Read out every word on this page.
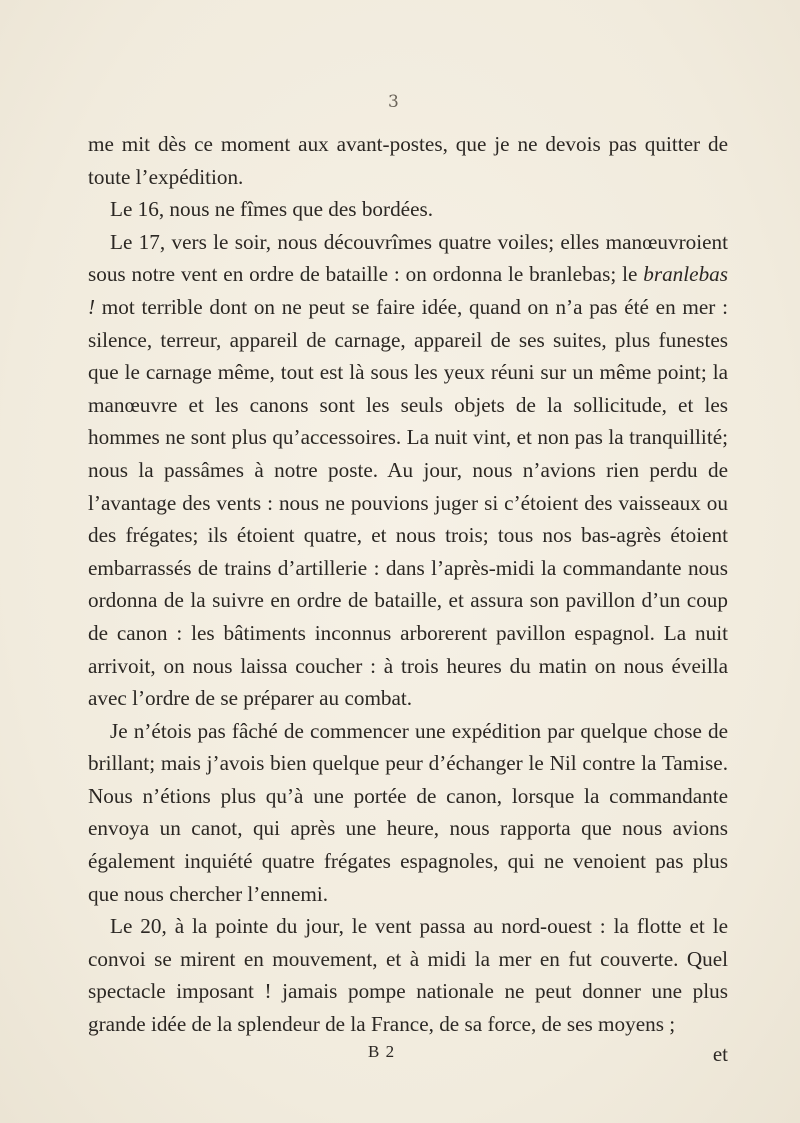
3

me mit dès ce moment aux avant-postes, que je ne devois pas quitter de toute l’expédition.

Le 16, nous ne fîmes que des bordées.

Le 17, vers le soir, nous découvrîmes quatre voiles; elles manœuvroient sous notre vent en ordre de bataille : on ordonna le branlebas; le branlebas ! mot terrible dont on ne peut se faire idée, quand on n’a pas été en mer : silence, terreur, appareil de carnage, appareil de ses suites, plus funestes que le carnage même, tout est là sous les yeux réuni sur un même point; la manœuvre et les canons sont les seuls objets de la sollicitude, et les hommes ne sont plus qu’accessoires. La nuit vint, et non pas la tranquillité; nous la passâmes à notre poste. Au jour, nous n’avions rien perdu de l’avantage des vents : nous ne pouvions juger si c’étoient des vaisseaux ou des frégates; ils étoient quatre, et nous trois; tous nos bas-agrès étoient embarrassés de trains d’artillerie : dans l’après-midi la commandante nous ordonna de la suivre en ordre de bataille, et assura son pavillon d’un coup de canon : les bâtiments inconnus arborerent pavillon espagnol. La nuit arrivoit, on nous laissa coucher : à trois heures du matin on nous éveilla avec l’ordre de se préparer au combat.

Je n’étois pas fâché de commencer une expédition par quelque chose de brillant; mais j’avois bien quelque peur d’échanger le Nil contre la Tamise. Nous n’étions plus qu’à une portée de canon, lorsque la commandante envoya un canot, qui après une heure, nous rapporta que nous avions également inquiété quatre frégates espagnoles, qui ne venoient pas plus que nous chercher l’ennemi.

Le 20, à la pointe du jour, le vent passa au nord-ouest : la flotte et le convoi se mirent en mouvement, et à midi la mer en fut couverte. Quel spectacle imposant ! jamais pompe nationale ne peut donner une plus grande idée de la splendeur de la France, de sa force, de ses moyens ;

B 2	et
